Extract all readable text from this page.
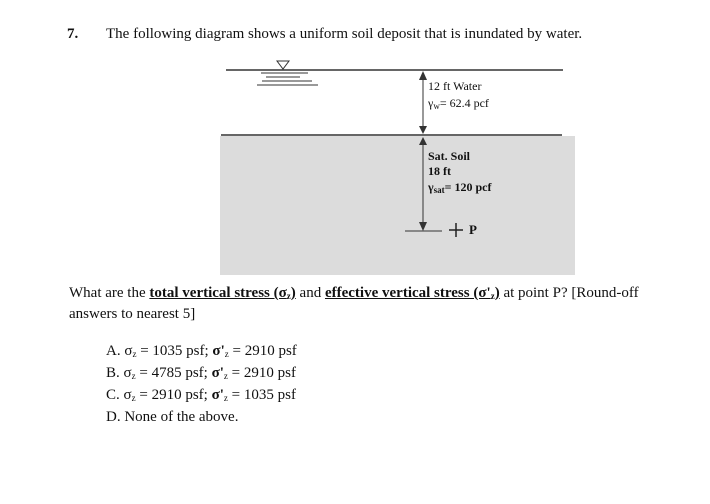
7. The following diagram shows a uniform soil deposit that is inundated by water.
12 ft Water
$\gamma_w= 62.4$ pcf
Sat. Soil
18 ft
$\gamma_{sat}= 120$ pcf
P
What are the total vertical stress $(\sigma_z)$ and effective vertical stress $(\sigma'_z)$ at point P? [Round-off answers to nearest 5]
A. $\sigma_z = 1035$ psf; $\sigma'_z = 2910$ psf
B. $\sigma_z = 4785$ psf; $\sigma'_z = 2910$ psf
C. $\sigma_z = 2910$ psf; $\sigma'_z = 1035$ psf
D. None of the above.
